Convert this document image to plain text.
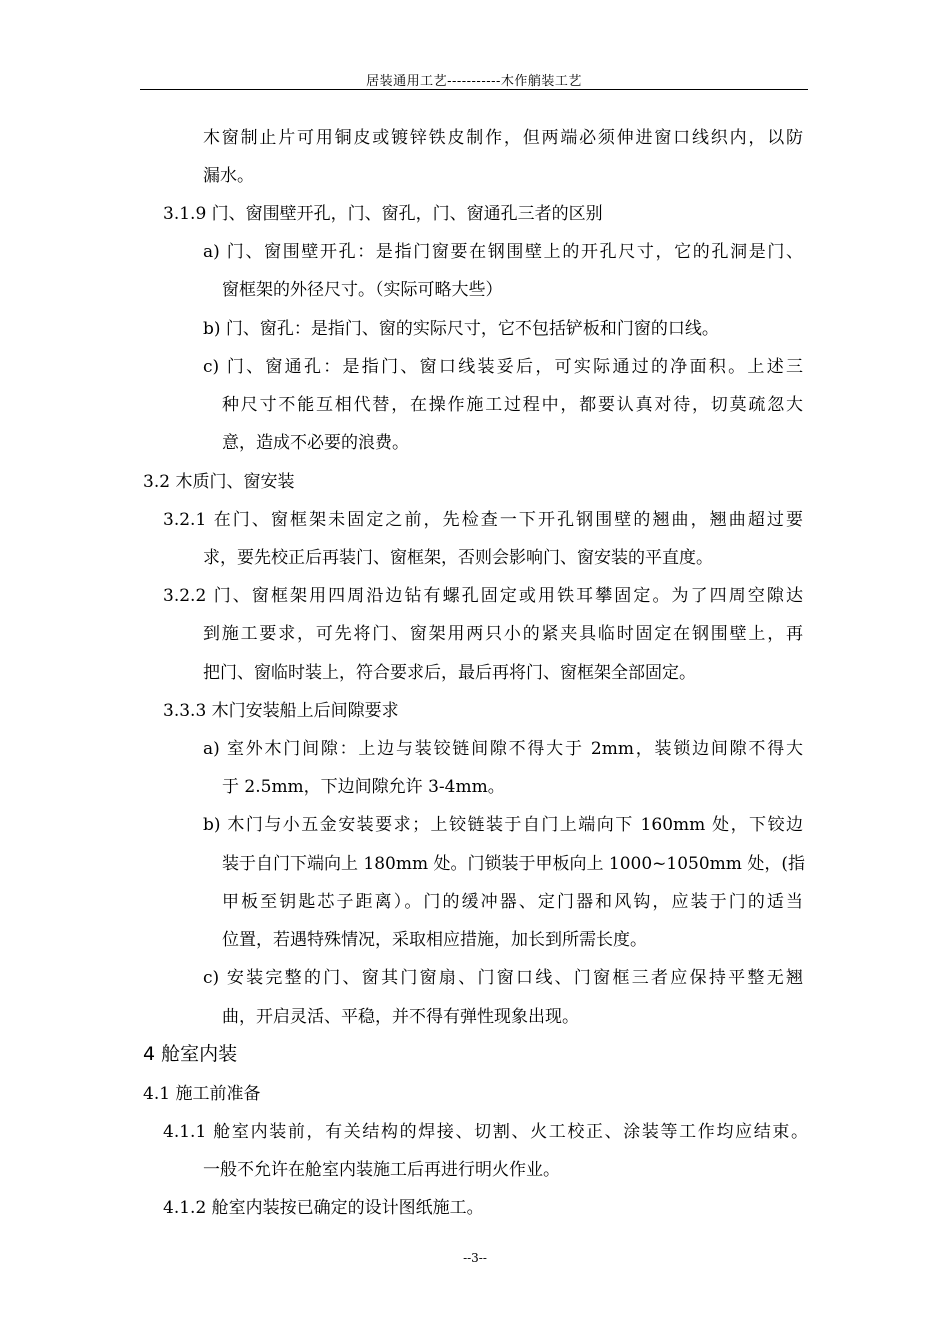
居装通用工艺-----------木作艄装工艺
木窗制止片可用铜皮或镀锌铁皮制作，但两端必须伸进窗口线织内，以防
漏水。
3.1.9 门、窗围壁开孔，门、窗孔，门、窗通孔三者的区别
a) 门、窗围壁开孔：是指门窗要在钢围壁上的开孔尺寸，它的孔洞是门、
窗框架的外径尺寸。（实际可略大些）
b) 门、窗孔：是指门、窗的实际尺寸，它不包括铲板和门窗的口线。
c) 门、窗通孔：是指门、窗口线装妥后，可实际通过的净面积。上述三
种尺寸不能互相代替，在操作施工过程中，都要认真对待，切莫疏忽大
意，造成不必要的浪费。
3.2 木质门、窗安装
3.2.1 在门、窗框架未固定之前，先检查一下开孔钢围壁的翘曲，翘曲超过要
求，要先校正后再装门、窗框架，否则会影响门、窗安装的平直度。
3.2.2 门、窗框架用四周沿边钻有螺孔固定或用铁耳攀固定。为了四周空隙达
到施工要求，可先将门、窗架用两只小的紧夹具临时固定在钢围壁上，再
把门、窗临时装上，符合要求后，最后再将门、窗框架全部固定。
3.3.3 木门安装船上后间隙要求
a) 室外木门间隙：上边与装铰链间隙不得大于 2mm，装锁边间隙不得大
于 2.5mm，下边间隙允许 3-4mm。
b) 木门与小五金安装要求；上铰链装于自门上端向下 160mm 处，下铰边
装于自门下端向上 180mm 处。门锁装于甲板向上 1000~1050mm 处，(指
甲板至钥匙芯子距离）。门的缓冲器、定门器和风钩，应装于门的适当
位置，若遇特殊情况，采取相应措施，加长到所需长度。
c) 安装完整的门、窗其门窗扇、门窗口线、门窗框三者应保持平整无翘
曲，开启灵活、平稳，并不得有弹性现象出现。
4 舱室内装
4.1 施工前准备
4.1.1 舱室内装前，有关结构的焊接、切割、火工校正、涂装等工作均应结束。
一般不允许在舱室内装施工后再进行明火作业。
4.1.2 舱室内装按已确定的设计图纸施工。
--3--
